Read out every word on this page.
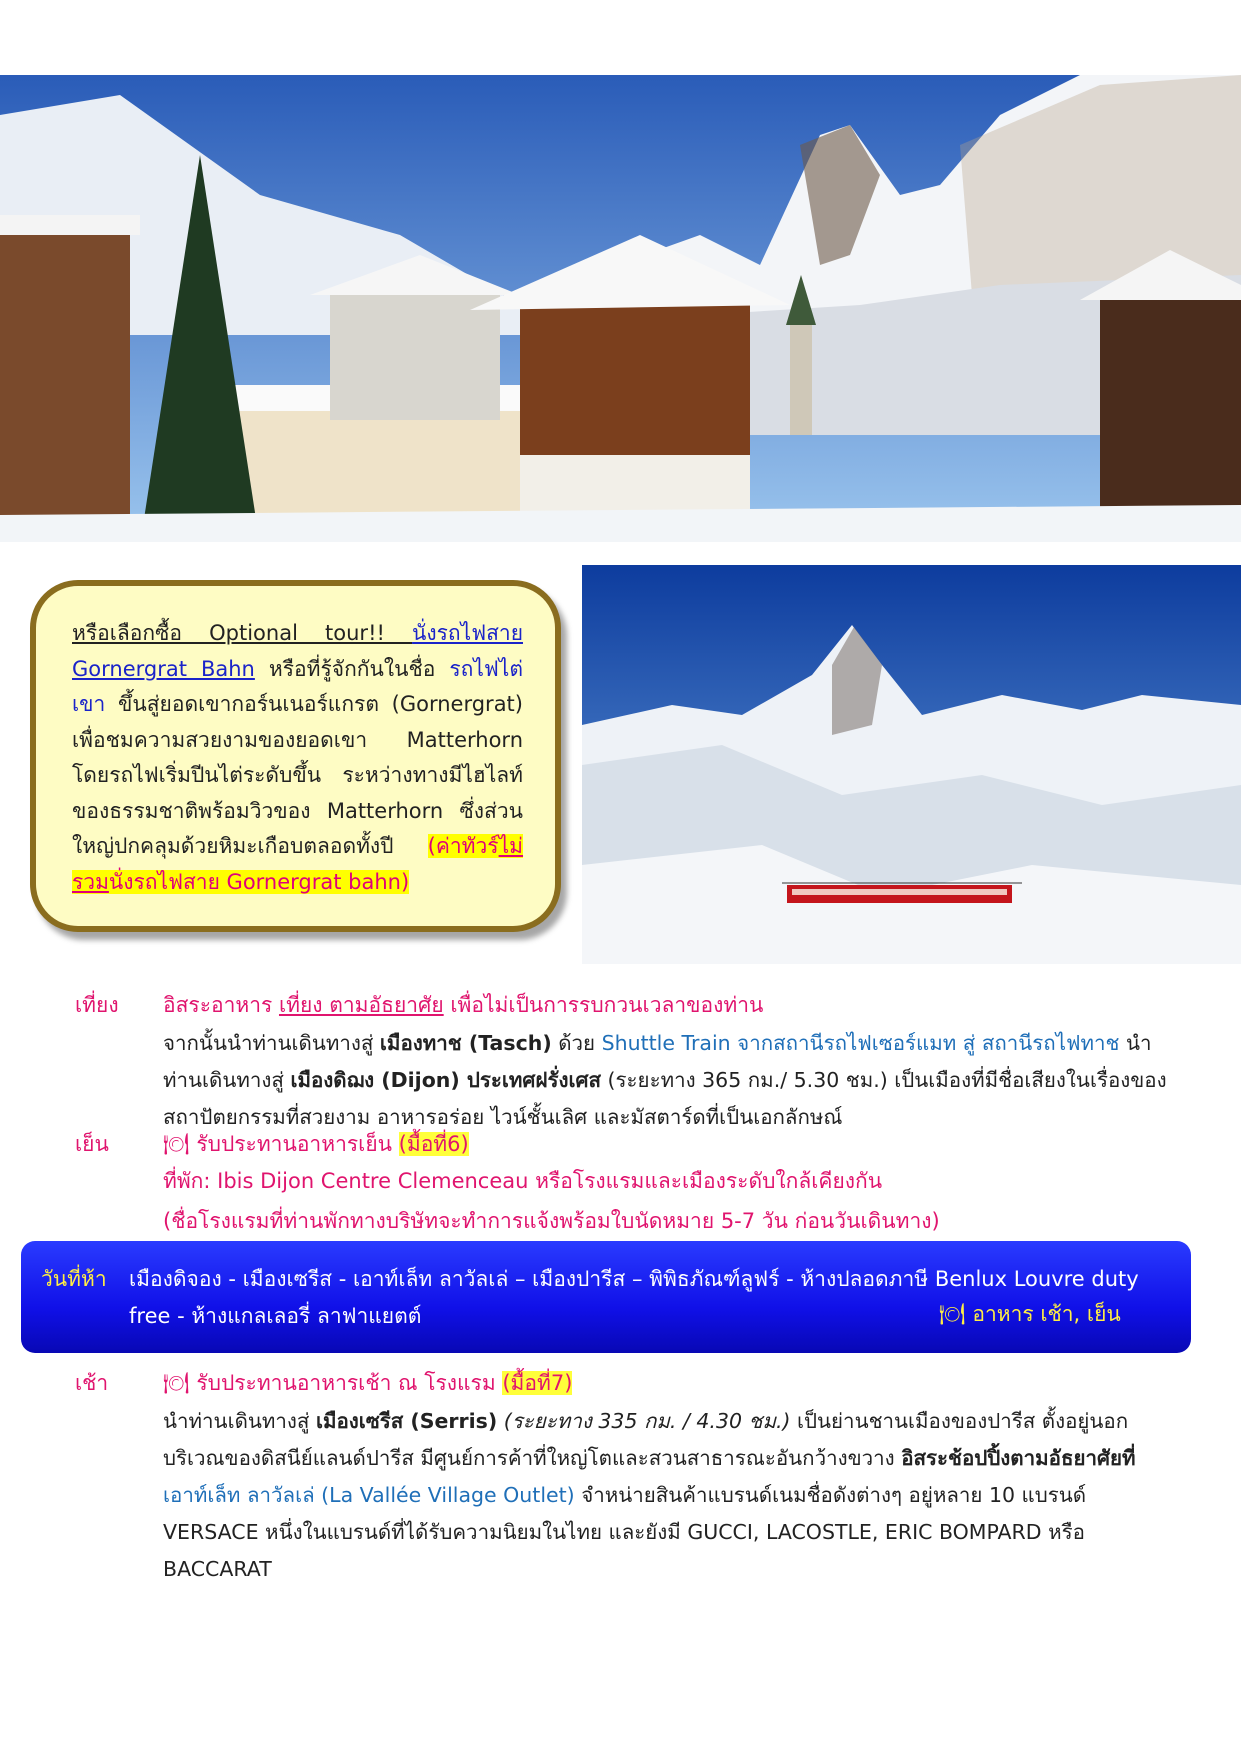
หรือเลือกซื้อ Optional tour!! นั่งรถไฟสาย Gornergrat Bahn หรือที่รู้จักกันในชื่อ รถไฟไต่เขา ขึ้นสู่ยอดเขากอร์นเนอร์แกรต (Gornergrat) เพื่อชมความสวยงามของยอดเขา Matterhorn โดยรถไฟเริ่มปีนไต่ระดับขึ้น ระหว่างทางมีไฮไลท์ของธรรมชาติพร้อมวิวของ Matterhorn ซึ่งส่วนใหญ่ปกคลุมด้วยหิมะเกือบตลอดทั้งปี (ค่าทัวร์ไม่รวมนั่งรถไฟสาย Gornergrat bahn)
เที่ยง อิสระอาหาร เที่ยง ตามอัธยาศัย เพื่อไม่เป็นการรบกวนเวลาของท่าน
จากนั้นนำท่านเดินทางสู่ เมืองทาช (Tasch) ด้วย Shuttle Train จากสถานีรถไฟเซอร์แมท สู่ สถานีรถไฟทาช นำท่านเดินทางสู่ เมืองดิฌง (Dijon) ประเทศฝรั่งเศส (ระยะทาง 365 กม./ 5.30 ชม.) เป็นเมืองที่มีชื่อเสียงในเรื่องของสถาปัตยกรรมที่สวยงาม อาหารอร่อย ไวน์ชั้นเลิศ และมัสตาร์ดที่เป็นเอกลักษณ์
เย็น	🍽 รับประทานอาหารเย็น (มื้อที่6)
ที่พัก: Ibis Dijon Centre Clemenceau หรือโรงแรมและเมืองระดับใกล้เคียงกัน
(ชื่อโรงแรมที่ท่านพักทางบริษัทจะทำการแจ้งพร้อมใบนัดหมาย 5-7 วัน ก่อนวันเดินทาง)
วันที่ห้า เมืองดิจอง - เมืองเซรีส - เอาท์เล็ท ลาวัลเล่ – เมืองปารีส – พิพิธภัณฑ์ลูฟร์ - ห้างปลอดภาษี Benlux Louvre duty free - ห้างแกลเลอรี่ ลาฟาแยตต์	🍽 อาหาร เช้า, เย็น
เช้า	🍽 รับประทานอาหารเช้า ณ โรงแรม (มื้อที่7)
นำท่านเดินทางสู่ เมืองเซรีส (Serris) (ระยะทาง 335 กม. / 4.30 ชม.) เป็นย่านชานเมืองของปารีส ตั้งอยู่นอกบริเวณของดิสนีย์แลนด์ปารีส มีศูนย์การค้าที่ใหญ่โตและสวนสาธารณะอันกว้างขวาง อิสระช้อปปิ้งตามอัธยาศัยที่ เอาท์เล็ท ลาวัลเล่ (La Vallée Village Outlet) จำหน่ายสินค้าแบรนด์เนมชื่อดังต่างๆ อยู่หลาย 10 แบรนด์ VERSACE หนึ่งในแบรนด์ที่ได้รับความนิยมในไทย และยังมี GUCCI, LACOSTLE, ERIC BOMPARD หรือ BACCARAT
